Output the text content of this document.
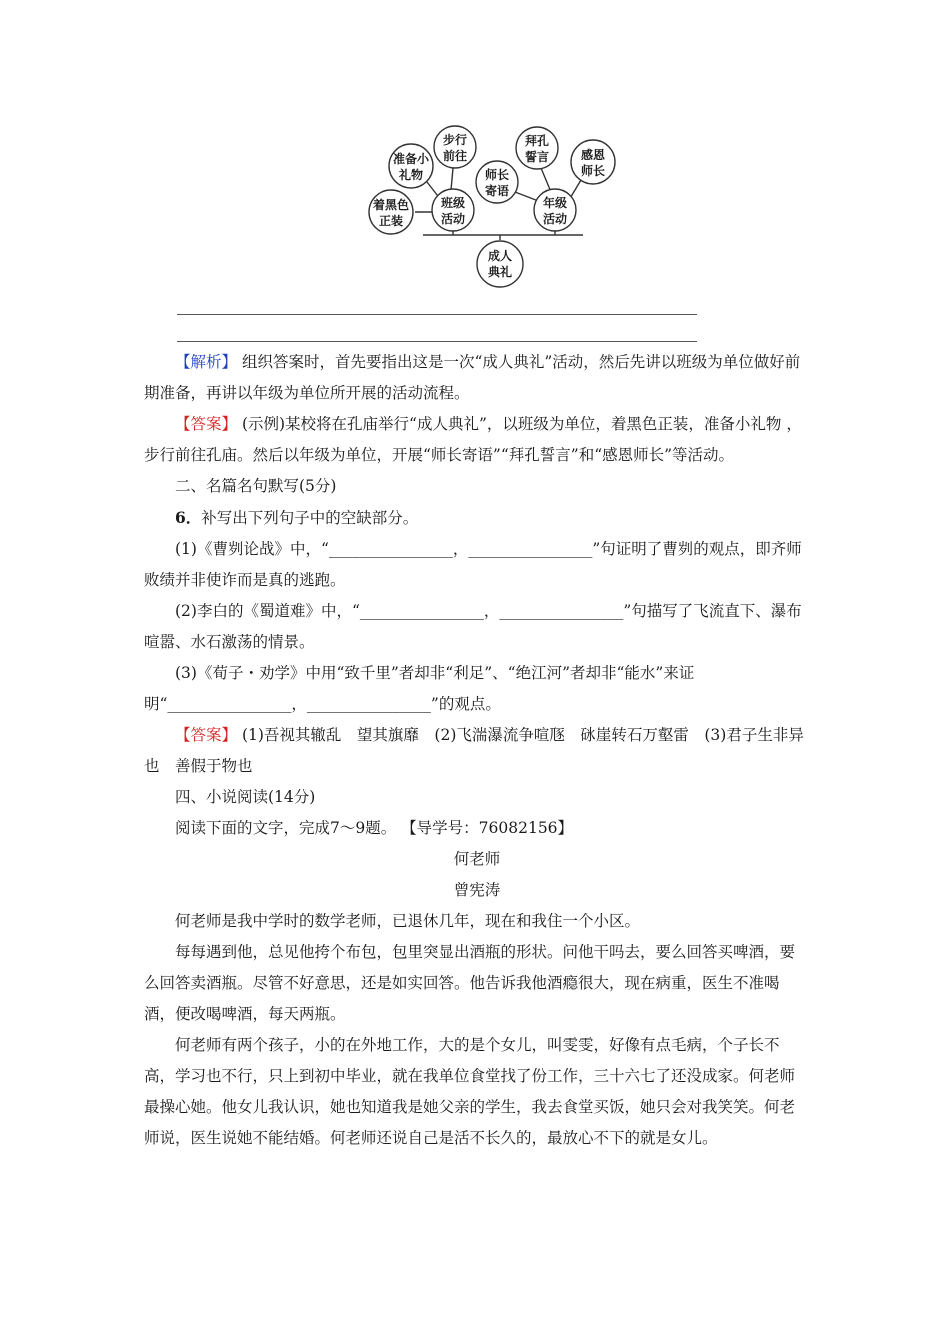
成人
典礼
班级
活动
年级
活动
准备小
礼物
步行
前往
着黑色
正装
师长
寄语
拜孔
誓言	感恩
师长

【解析】 组织答案时，首先要指出这是一次“成人典礼”活动，然后先讲以班级为单位做好前期准备，再讲以年级为单位所开展的活动流程。

【答案】 (示例)某校将在孔庙举行“成人典礼”，以班级为单位，着黑色正装，准备小礼物 ，步行前往孔庙。然后以年级为单位，开展“师长寄语”“拜孔誓言”和“感恩师长”等活动。

二、名篇名句默写(5分)

6．补写出下列句子中的空缺部分。

(1)《曹刿论战》中，“________________，________________”句证明了曹刿的观点，即齐师败绩并非使诈而是真的逃跑。

(2)李白的《蜀道难》中，“________________，________________”句描写了飞流直下、瀑布喧嚣、水石激荡的情景。

(3)《荀子・劝学》中用“致千里”者却非“利足”、“绝江河”者却非“能水”来证明“________________，________________”的观点。

【答案】 (1)吾视其辙乱　望其旗靡　(2)飞湍瀑流争喧豗　砯崖转石万壑雷　(3)君子生非异也　善假于物也

四、小说阅读(14分)

阅读下面的文字，完成7～9题。 【导学号：76082156】

何老师

曾宪涛

何老师是我中学时的数学老师，已退休几年，现在和我住一个小区。

每每遇到他，总见他挎个布包，包里突显出酒瓶的形状。问他干吗去，要么回答买啤酒，要么回答卖酒瓶。尽管不好意思，还是如实回答。他告诉我他酒瘾很大，现在病重，医生不准喝酒，便改喝啤酒，每天两瓶。

何老师有两个孩子，小的在外地工作，大的是个女儿，叫雯雯，好像有点毛病，个子长不高，学习也不行，只上到初中毕业，就在我单位食堂找了份工作，三十六七了还没成家。何老师最操心她。他女儿我认识，她也知道我是她父亲的学生，我去食堂买饭，她只会对我笑笑。何老师说，医生说她不能结婚。何老师还说自己是活不长久的，最放心不下的就是女儿。
